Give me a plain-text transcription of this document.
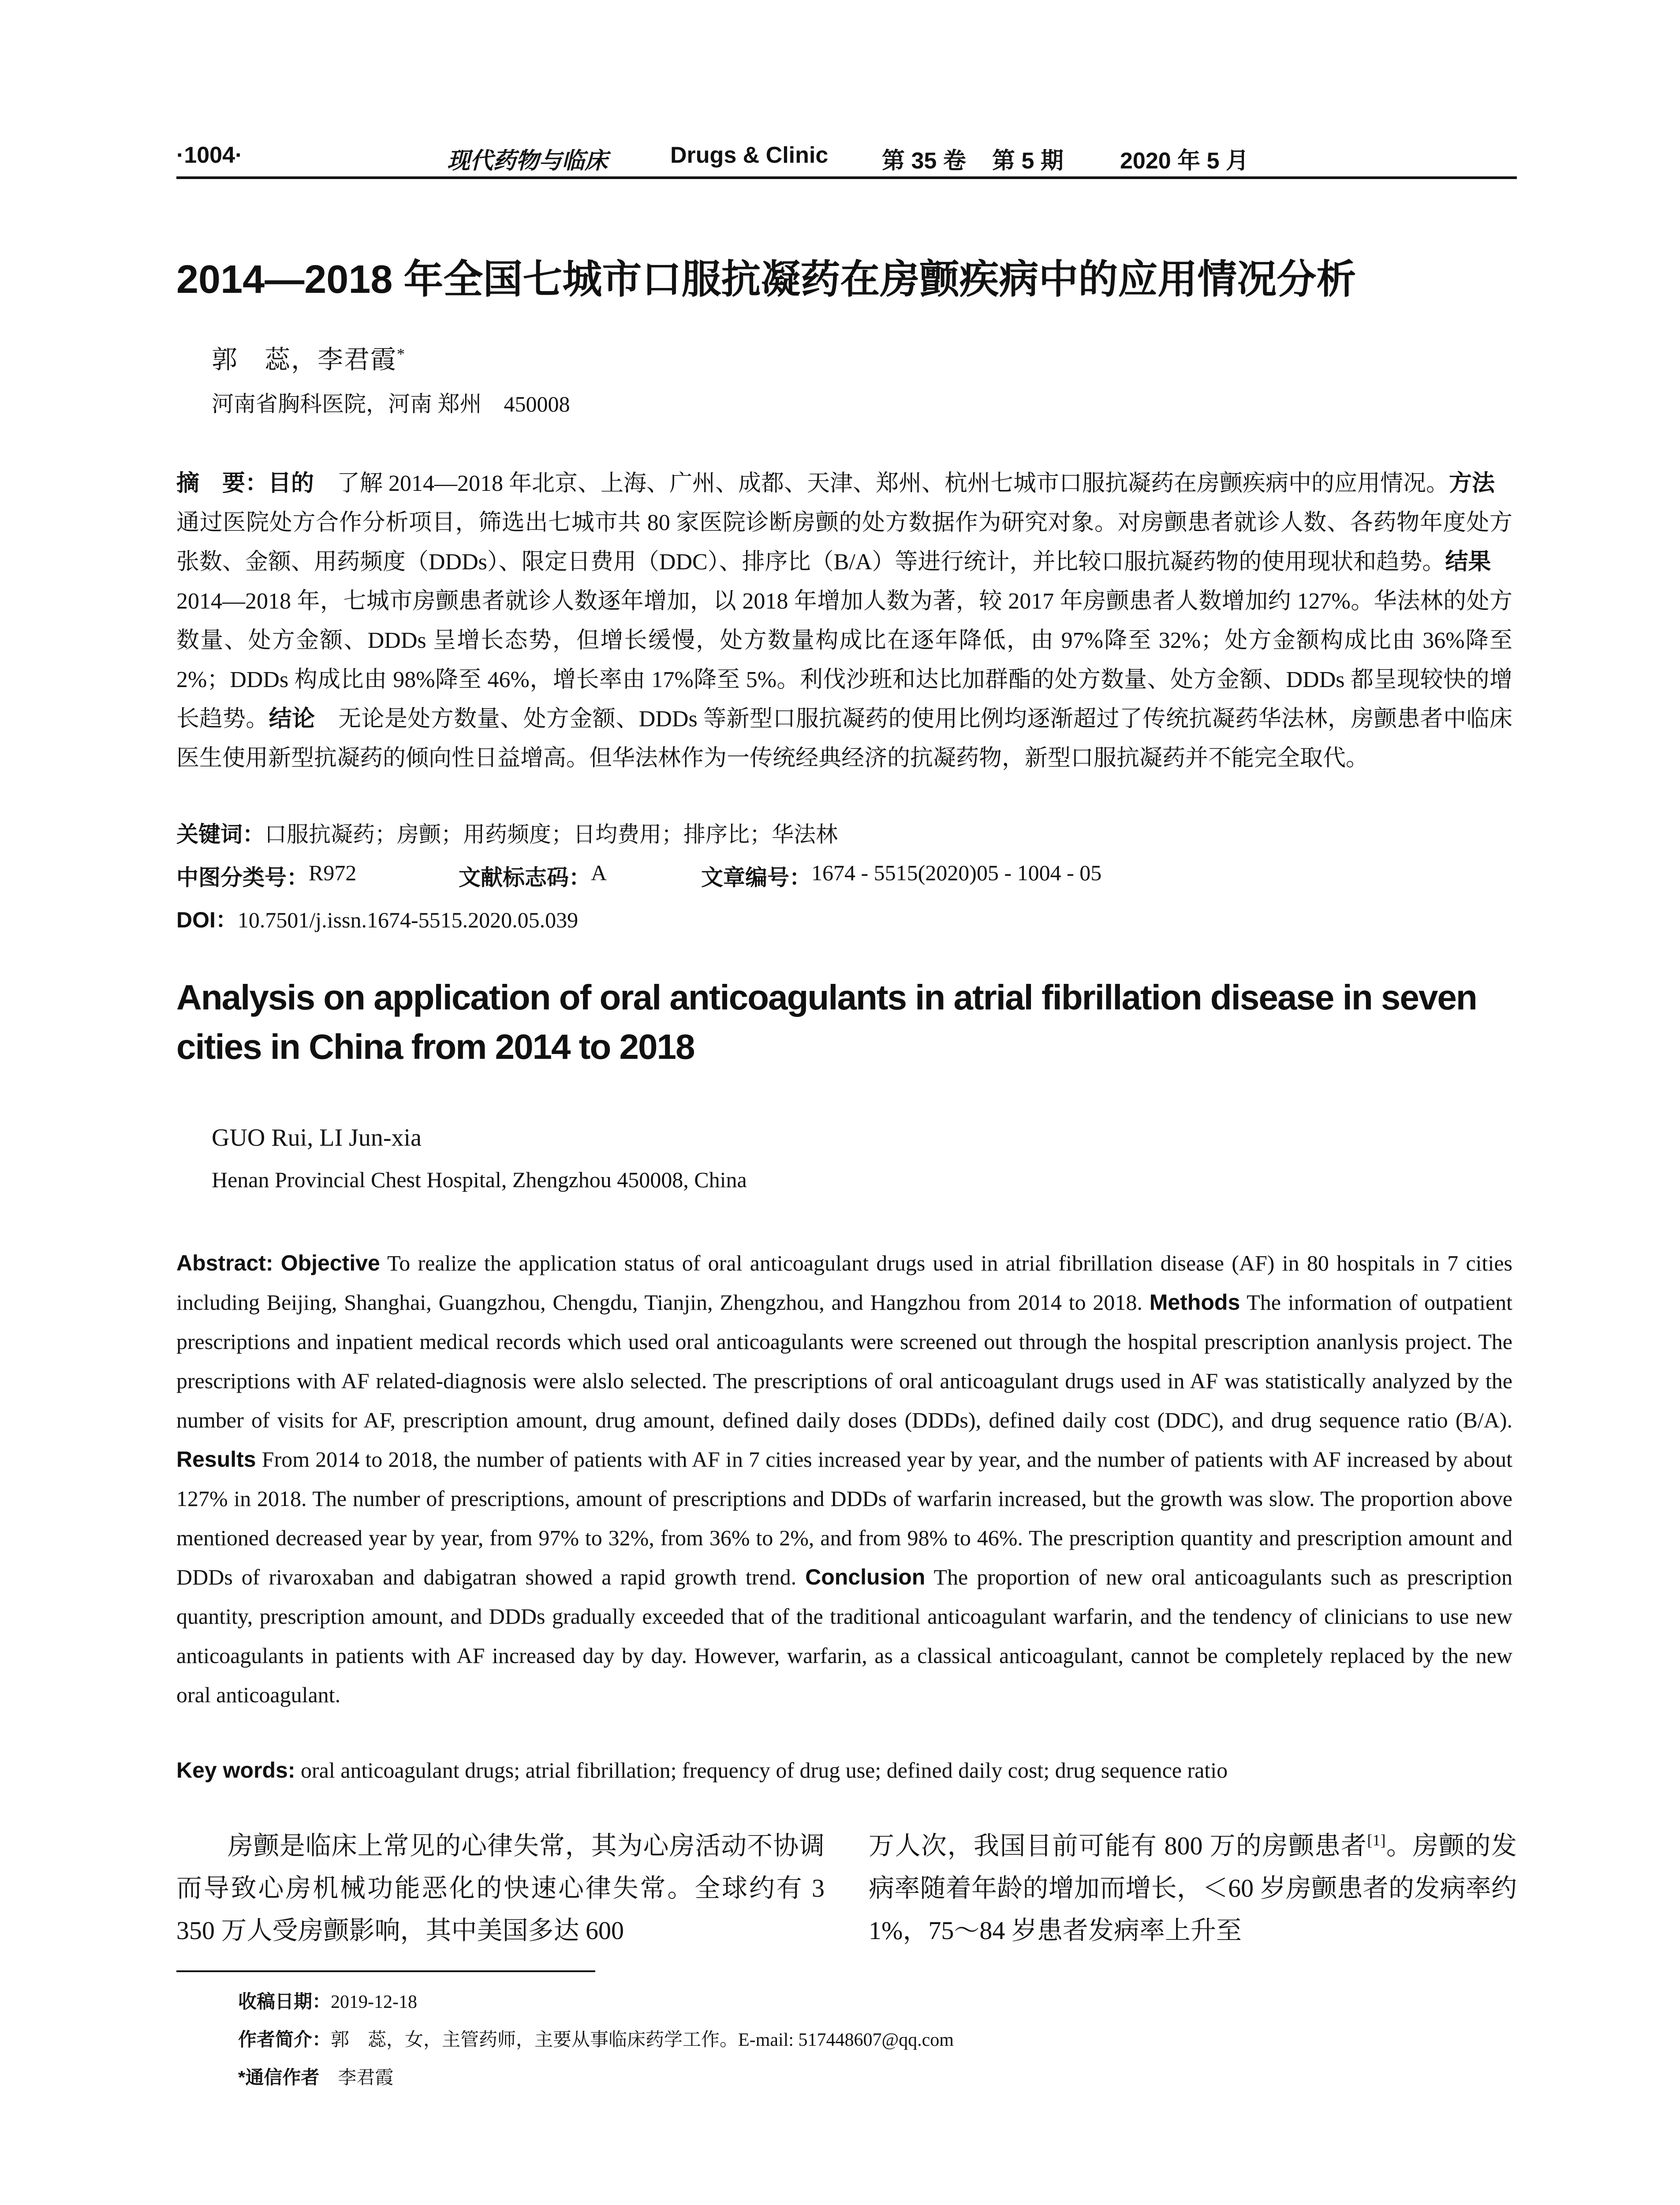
·1004·	现代药物与临床	Drugs & Clinic 第 35 卷 第 5 期 2020 年 5 月
2014—2018 年全国七城市口服抗凝药在房颤疾病中的应用情况分析
郭　蕊，李君霞*
河南省胸科医院，河南 郑州　450008
摘　要：目的　了解 2014—2018 年北京、上海、广州、成都、天津、郑州、杭州七城市口服抗凝药在房颤疾病中的应用情况。方法　通过医院处方合作分析项目，筛选出七城市共 80 家医院诊断房颤的处方数据作为研究对象。对房颤患者就诊人数、各药物年度处方张数、金额、用药频度（DDDs）、限定日费用（DDC）、排序比（B/A）等进行统计，并比较口服抗凝药物的使用现状和趋势。结果　2014—2018 年，七城市房颤患者就诊人数逐年增加，以 2018 年增加人数为著，较 2017 年房颤患者人数增加约 127%。华法林的处方数量、处方金额、DDDs 呈增长态势，但增长缓慢，处方数量构成比在逐年降低，由 97%降至 32%；处方金额构成比由 36%降至 2%；DDDs 构成比由 98%降至 46%，增长率由 17%降至 5%。利伐沙班和达比加群酯的处方数量、处方金额、DDDs 都呈现较快的增长趋势。结论　无论是处方数量、处方金额、DDDs 等新型口服抗凝药的使用比例均逐渐超过了传统抗凝药华法林，房颤患者中临床医生使用新型抗凝药的倾向性日益增高。但华法林作为一传统经典经济的抗凝药物，新型口服抗凝药并不能完全取代。
关键词：口服抗凝药；房颤；用药频度；日均费用；排序比；华法林
中图分类号： R972	文献标志码： A	文章编号： 1674 - 5515(2020)05 - 1004 - 05
DOI：10.7501/j.issn.1674-5515.2020.05.039
Analysis on application of oral anticoagulants in atrial fibrillation disease in seven cities in China from 2014 to 2018
GUO Rui, LI Jun-xia
Henan Provincial Chest Hospital, Zhengzhou 450008, China
Abstract: Objective To realize the application status of oral anticoagulant drugs used in atrial fibrillation disease (AF) in 80 hospitals in 7 cities including Beijing, Shanghai, Guangzhou, Chengdu, Tianjin, Zhengzhou, and Hangzhou from 2014 to 2018. Methods The information of outpatient prescriptions and inpatient medical records which used oral anticoagulants were screened out through the hospital prescription ananlysis project. The prescriptions with AF related-diagnosis were alslo selected. The prescriptions of oral anticoagulant drugs used in AF was statistically analyzed by the number of visits for AF, prescription amount, drug amount, defined daily doses (DDDs), defined daily cost (DDC), and drug sequence ratio (B/A). Results From 2014 to 2018, the number of patients with AF in 7 cities increased year by year, and the number of patients with AF increased by about 127% in 2018. The number of prescriptions, amount of prescriptions and DDDs of warfarin increased, but the growth was slow. The proportion above mentioned decreased year by year, from 97% to 32%, from 36% to 2%, and from 98% to 46%. The prescription quantity and prescription amount and DDDs of rivaroxaban and dabigatran showed a rapid growth trend. Conclusion The proportion of new oral anticoagulants such as prescription quantity, prescription amount, and DDDs gradually exceeded that of the traditional anticoagulant warfarin, and the tendency of clinicians to use new anticoagulants in patients with AF increased day by day. However, warfarin, as a classical anticoagulant, cannot be completely replaced by the new oral anticoagulant.
Key words: oral anticoagulant drugs; atrial fibrillation; frequency of drug use; defined daily cost; drug sequence ratio
房颤是临床上常见的心律失常，其为心房活动不协调而导致心房机械功能恶化的快速心律失常。全球约有 3 350 万人受房颤影响，其中美国多达 600
万人次，我国目前可能有 800 万的房颤患者[1]。房颤的发病率随着年龄的增加而增长，＜60 岁房颤患者的发病率约 1%，75～84 岁患者发病率上升至
收稿日期：2019-12-18
作者简介：郭　蕊，女，主管药师，主要从事临床药学工作。E-mail: 517448607@qq.com
*通信作者　李君霞
